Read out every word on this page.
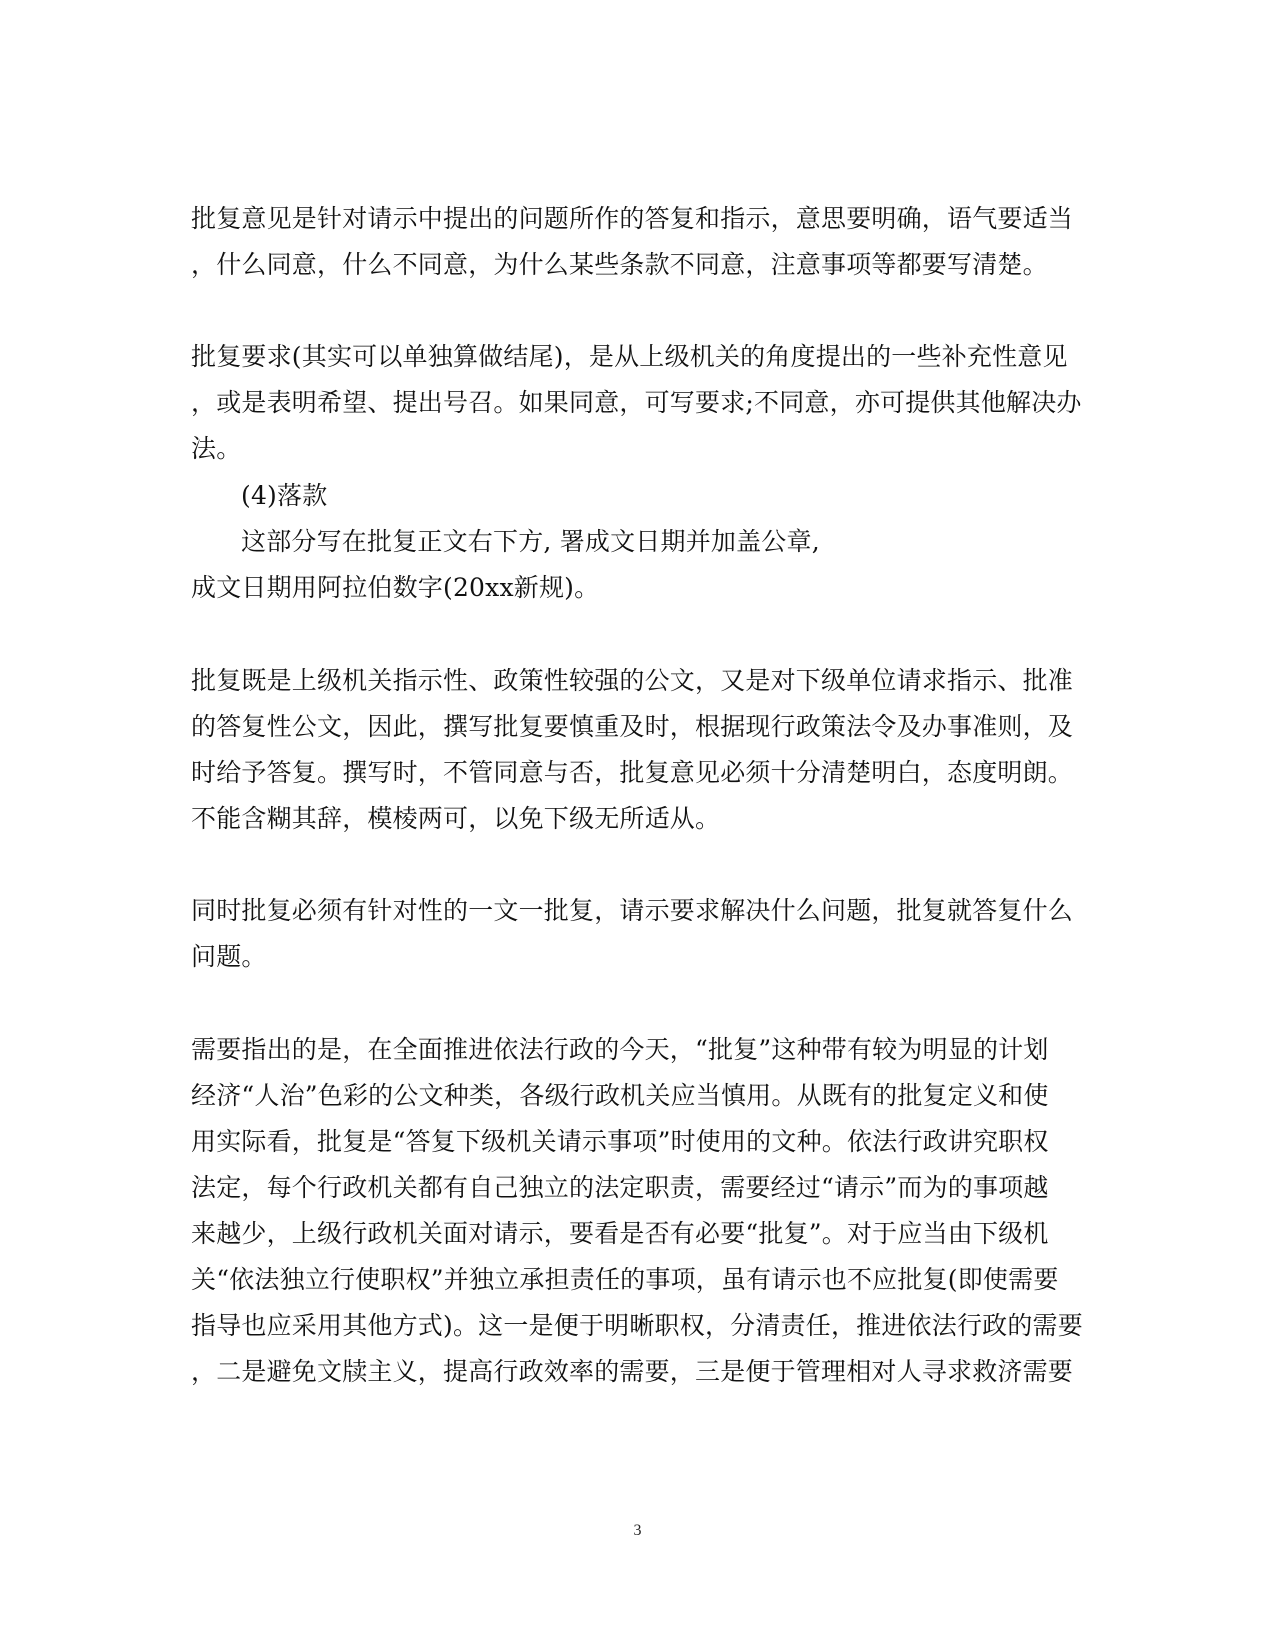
批复意见是针对请示中提出的问题所作的答复和指示，意思要明确，语气要适当
，什么同意，什么不同意，为什么某些条款不同意，注意事项等都要写清楚。
批复要求(其实可以单独算做结尾)，是从上级机关的角度提出的一些补充性意见
，或是表明希望、提出号召。如果同意，可写要求;不同意，亦可提供其他解决办
法。
(4)落款
这部分写在批复正文右下方, 署成文日期并加盖公章,
成文日期用阿拉伯数字(20xx新规)。
批复既是上级机关指示性、政策性较强的公文，又是对下级单位请求指示、批准
的答复性公文，因此，撰写批复要慎重及时，根据现行政策法令及办事准则，及
时给予答复。撰写时，不管同意与否，批复意见必须十分清楚明白，态度明朗。
不能含糊其辞，模棱两可，以免下级无所适从。
同时批复必须有针对性的一文一批复，请示要求解决什么问题，批复就答复什么
问题。
需要指出的是，在全面推进依法行政的今天，“批复”这种带有较为明显的计划
经济“人治”色彩的公文种类，各级行政机关应当慎用。从既有的批复定义和使
用实际看，批复是“答复下级机关请示事项”时使用的文种。依法行政讲究职权
法定，每个行政机关都有自己独立的法定职责，需要经过“请示”而为的事项越
来越少，上级行政机关面对请示，要看是否有必要“批复”。对于应当由下级机
关“依法独立行使职权”并独立承担责任的事项，虽有请示也不应批复(即使需要
指导也应采用其他方式)。这一是便于明晰职权，分清责任，推进依法行政的需要
，二是避免文牍主义，提高行政效率的需要，三是便于管理相对人寻求救济需要
3
